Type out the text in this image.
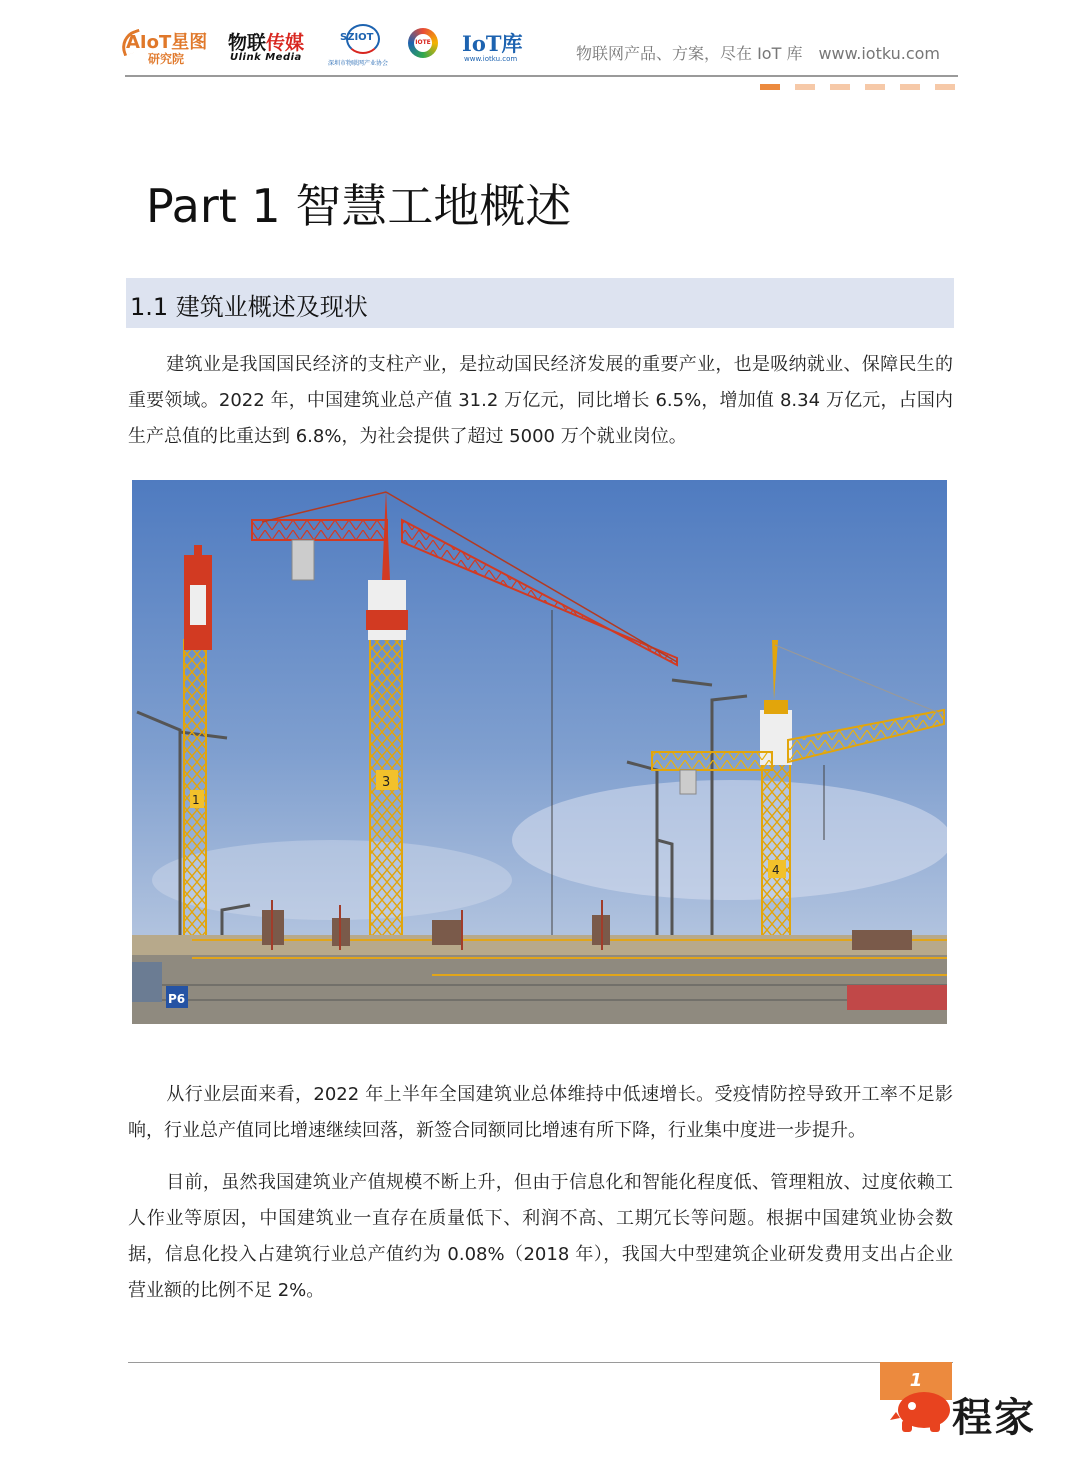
AIoT星图
研究院
物联传媒
Ulink Media
SZIOT
深圳市物联网产业协会
IOTE IoT库
www.iotku.com	物联网产品、方案，尽在 IoT 库　www.iotku.com
Part 1 智慧工地概述
1.1 建筑业概述及现状
建筑业是我国国民经济的支柱产业，是拉动国民经济发展的重要产业，也是吸纳就业、保障民生的重要领域。2022 年，中国建筑业总产值 31.2 万亿元，同比增长 6.5%，增加值 8.34 万亿元，占国内生产总值的比重达到 6.8%，为社会提供了超过 5000 万个就业岗位。
1
3
4
P6
从行业层面来看，2022 年上半年全国建筑业总体维持中低速增长。受疫情防控导致开工率不足影响，行业总产值同比增速继续回落，新签合同额同比增速有所下降，行业集中度进一步提升。
目前，虽然我国建筑业产值规模不断上升，但由于信息化和智能化程度低、管理粗放、过度依赖工人作业等原因，中国建筑业一直存在质量低下、利润不高、工期冗长等问题。根据中国建筑业协会数据，信息化投入占建筑行业总产值约为 0.08%（2018 年），我国大中型建筑企业研发费用支出占企业营业额的比例不足 2%。
1
程家
